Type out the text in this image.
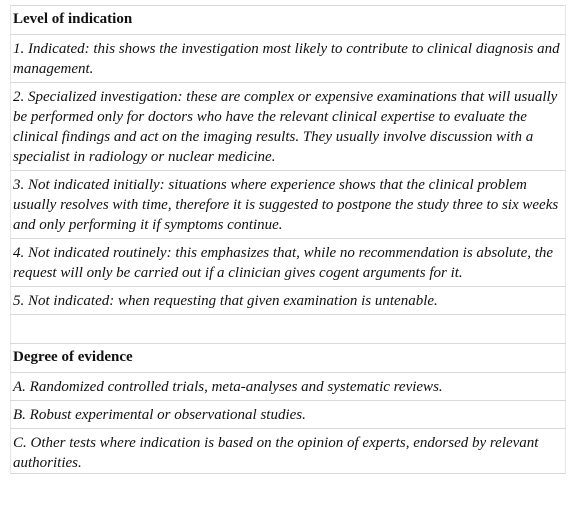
Level of indication
1. Indicated: this shows the investigation most likely to contribute to clinical diagnosis and management.
2. Specialized investigation: these are complex or expensive examinations that will usually be performed only for doctors who have the relevant clinical expertise to evaluate the clinical findings and act on the imaging results. They usually involve discussion with a specialist in radiology or nuclear medicine.
3. Not indicated initially: situations where experience shows that the clinical problem usually resolves with time, therefore it is suggested to postpone the study three to six weeks and only performing it if symptoms continue.
4. Not indicated routinely: this emphasizes that, while no recommendation is absolute, the request will only be carried out if a clinician gives cogent arguments for it.
5. Not indicated: when requesting that given examination is untenable.

Degree of evidence
A. Randomized controlled trials, meta-analyses and systematic reviews.
B. Robust experimental or observational studies.
C. Other tests where indication is based on the opinion of experts, endorsed by relevant authorities.
